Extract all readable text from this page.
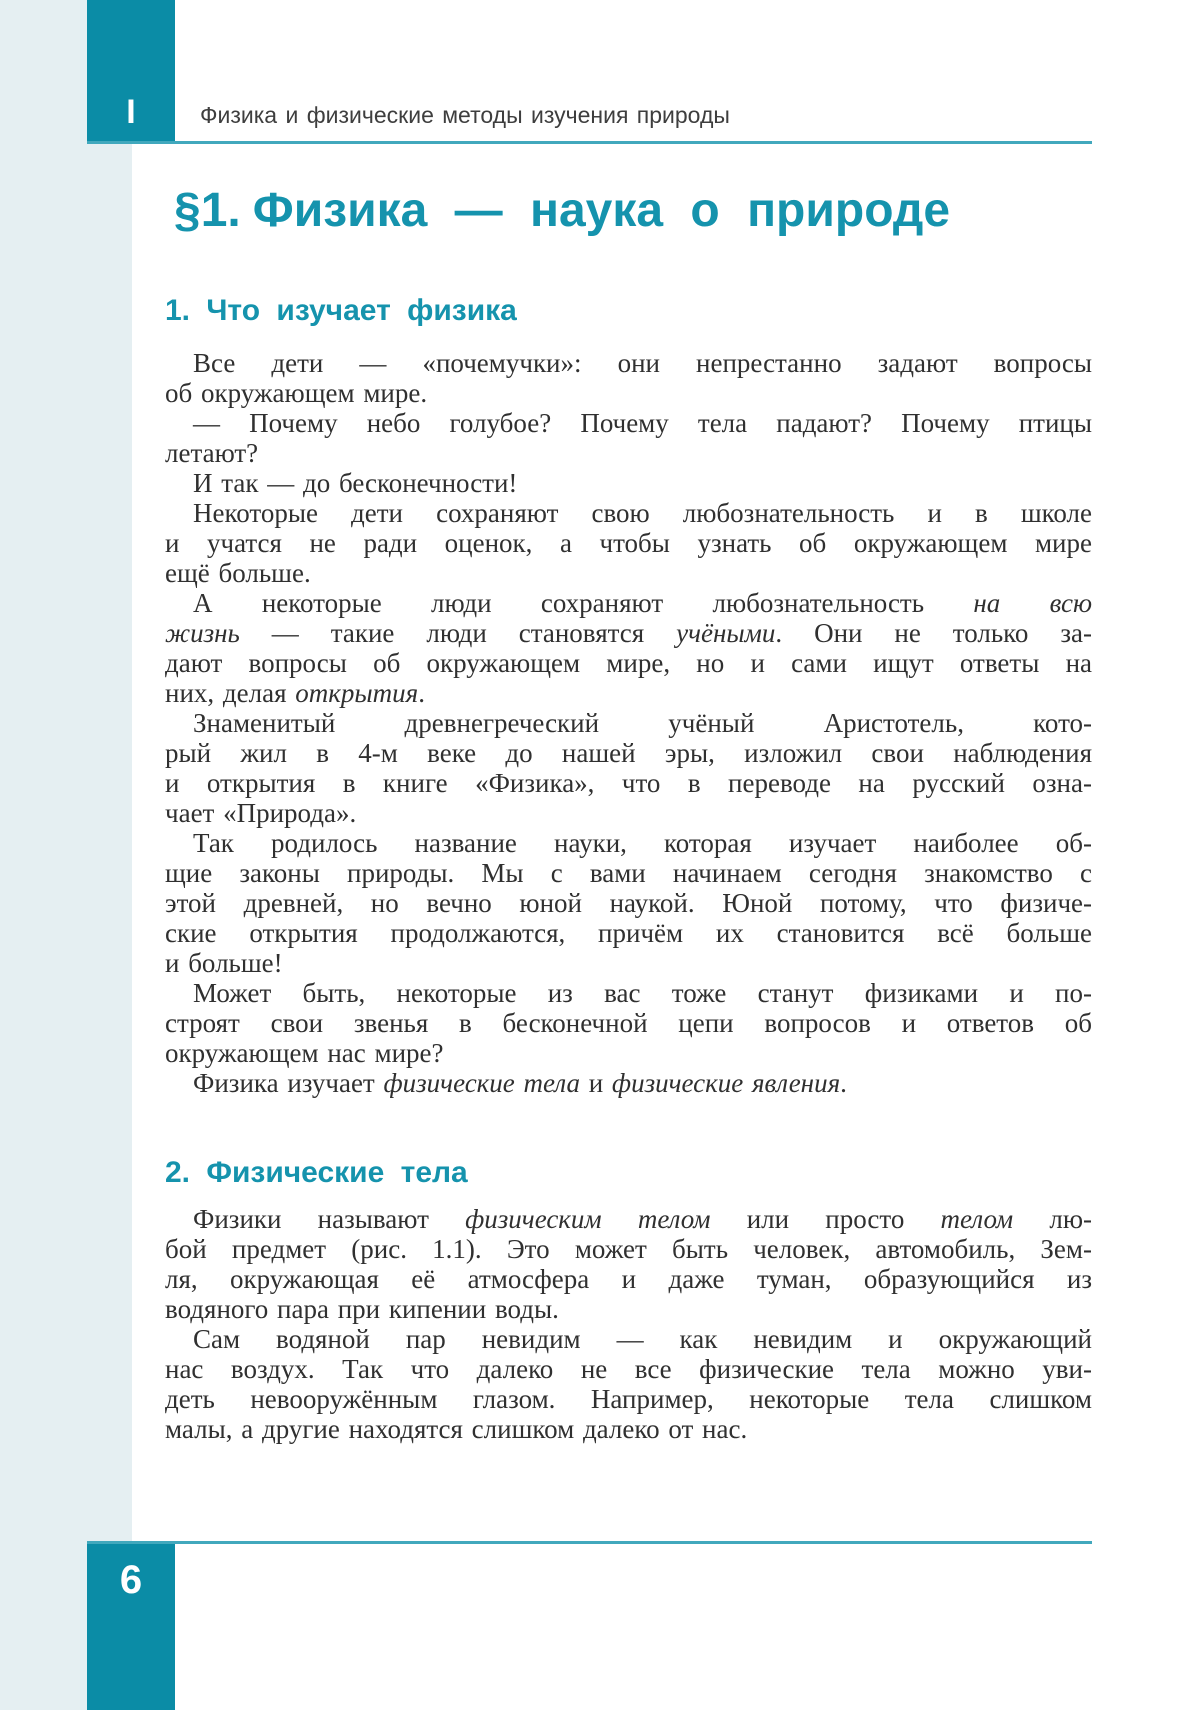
I	Физика и физические методы изучения природы
§1. Физика — наука о природе
1. Что изучает физика
Все дети — «почемучки»: они непрестанно задают вопросы
об окружающем мире.
— Почему небо голубое? Почему тела падают? Почему птицы
летают?
И так — до бесконечности!
Некоторые дети сохраняют свою любознательность и в школе
и учатся не ради оценок, а чтобы узнать об окружающем мире
ещё больше.
А некоторые люди сохраняют любознательность на всю
жизнь — такие люди становятся учёными. Они не только за-
дают вопросы об окружающем мире, но и сами ищут ответы на
них, делая открытия.
Знаменитый древнегреческий учёный Аристотель, кото-
рый жил в 4-м веке до нашей эры, изложил свои наблюдения
и открытия в книге «Физика», что в переводе на русский озна-
чает «Природа».
Так родилось название науки, которая изучает наиболее об-
щие законы природы. Мы с вами начинаем сегодня знакомство с
этой древней, но вечно юной наукой. Юной потому, что физиче-
ские открытия продолжаются, причём их становится всё больше
и больше!
Может быть, некоторые из вас тоже станут физиками и по-
строят свои звенья в бесконечной цепи вопросов и ответов об
окружающем нас мире?
Физика изучает физические тела и физические явления.
2. Физические тела
Физики называют физическим телом или просто телом лю-
бой предмет (рис. 1.1). Это может быть человек, автомобиль, Зем-
ля, окружающая её атмосфера и даже туман, образующийся из
водяного пара при кипении воды.
Сам водяной пар невидим — как невидим и окружающий
нас воздух. Так что далеко не все физические тела можно уви-
деть невооружённым глазом. Например, некоторые тела слишком
малы, а другие находятся слишком далеко от нас.
6
